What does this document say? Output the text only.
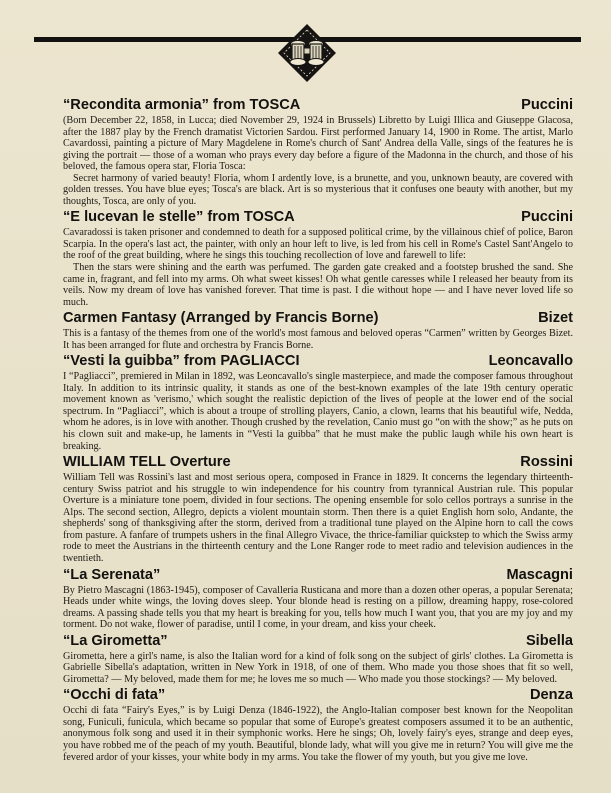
“Recondita armonia” from TOSCA	Puccini

(Born December 22, 1858, in Lucca; died November 29, 1924 in Brussels) Libretto by Luigi Illica and Giuseppe Glacosa, after the 1887 play by the French dramatist Victorien Sardou. First performed January 14, 1900 in Rome. The artist, Marlo Cavardossi, painting a picture of Mary Magdelene in Rome's church of Sant' Andrea della Valle, sings of the features he is giving the portrait — those of a woman who prays every day before a figure of the Madonna in the church, and those of his beloved, the famous opera star, Floria Tosca:

Secret harmony of varied beauty! Floria, whom I ardently love, is a brunette, and you, unknown beauty, are covered with golden tresses. You have blue eyes; Tosca's are black. Art is so mysterious that it confuses one beauty with another, but my thoughts, Tosca, are only of you.

“E lucevan le stelle” from TOSCA	Puccini

Cavaradossi is taken prisoner and condemned to death for a supposed political crime, by the villainous chief of police, Baron Scarpia. In the opera's last act, the painter, with only an hour left to live, is led from his cell in Rome's Castel Sant'Angelo to the roof of the great building, where he sings this touching recollection of love and farewell to life:

Then the stars were shining and the earth was perfumed. The garden gate creaked and a footstep brushed the sand. She came in, fragrant, and fell into my arms. Oh what sweet kisses! Oh what gentle caresses while I released her beauty from its veils. Now my dream of love has vanished forever. That time is past. I die without hope — and I have never loved life so much.

Carmen Fantasy (Arranged by Francis Borne)	Bizet

This is a fantasy of the themes from one of the world's most famous and beloved operas “Carmen” written by Georges Bizet. It has been arranged for flute and orchestra by Francis Borne.

“Vesti la guibba” from PAGLIACCI	Leoncavallo

I “Pagliacci”, premiered in Milan in 1892, was Leoncavallo's single masterpiece, and made the composer famous throughout Italy. In addition to its intrinsic quality, it stands as one of the best-known examples of the late 19th century operatic movement known as 'verismo,' which sought the realistic depiction of the lives of people at the lower end of the social spectrum. In “Pagliacci”, which is about a troupe of strolling players, Canio, a clown, learns that his beautiful wife, Nedda, whom he adores, is in love with another. Though crushed by the revelation, Canio must go “on with the show;” as he puts on his clown suit and make-up, he laments in “Vesti la guibba” that he must make the public laugh while his own heart is breaking.

WILLIAM TELL Overture	Rossini

William Tell was Rossini's last and most serious opera, composed in France in 1829. It concerns the legendary thirteenth-century Swiss patriot and his struggle to win independence for his country from tyrannical Austrian rule. This popular Overture is a miniature tone poem, divided in four sections. The opening ensemble for solo cellos portrays a sunrise in the Alps. The second section, Allegro, depicts a violent mountain storm. Then there is a quiet English horn solo, Andante, the shepherds' song of thanksgiving after the storm, derived from a traditional tune played on the Alpine horn to call the cows from pasture. A fanfare of trumpets ushers in the final Allegro Vivace, the thrice-familiar quickstep to which the Swiss army rode to meet the Austrians in the thirteenth century and the Lone Ranger rode to meet radio and television audiences in the twentieth.

“La Serenata”	Mascagni

By Pietro Mascagni (1863-1945), composer of Cavalleria Rusticana and more than a dozen other operas, a popular Serenata; Heads under white wings, the loving doves sleep. Your blonde head is resting on a pillow, dreaming happy, rose-colored dreams. A passing shade tells you that my heart is breaking for you, tells how much I want you, that you are my joy and my torment. Do not wake, flower of paradise, until I come, in your dream, and kiss your cheek.

“La Girometta”	Sibella

Girometta, here a girl's name, is also the Italian word for a kind of folk song on the subject of girls' clothes. La Girometta is Gabrielle Sibella's adaptation, written in New York in 1918, of one of them. Who made you those shoes that fit so well, Girometta? — My beloved, made them for me; he loves me so much — Who made you those stockings? — My beloved.

“Occhi di fata”	Denza

Occhi di fata “Fairy's Eyes,” is by Luigi Denza (1846-1922), the Anglo-Italian composer best known for the Neopolitan song, Funiculi, funicula, which became so popular that some of Europe's greatest composers assumed it to be an authentic, anonymous folk song and used it in their symphonic works. Here he sings; Oh, lovely fairy's eyes, strange and deep eyes, you have robbed me of the peach of my youth. Beautiful, blonde lady, what will you give me in return? You will give me the fevered ardor of your kisses, your white body in my arms. You take the flower of my youth, but you give me love.
